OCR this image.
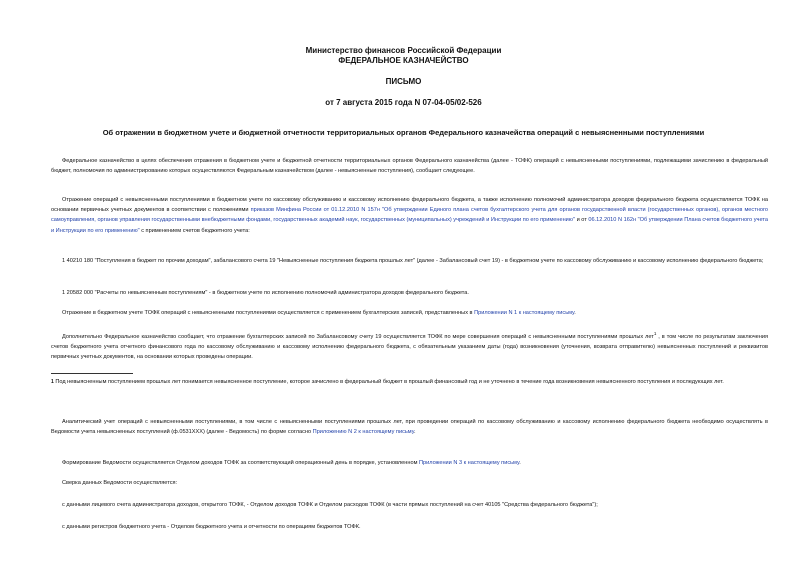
Министерство финансов Российской Федерации
ФЕДЕРАЛЬНОЕ КАЗНАЧЕЙСТВО
ПИСЬМО
от 7 августа 2015 года N 07-04-05/02-526
Об отражении в бюджетном учете и бюджетной отчетности территориальных органов Федерального казначейства операций с невыясненными поступлениями
Федеральное казначейство в целях обеспечения отражения в бюджетном учете и бюджетной отчетности территориальных органов Федерального казначейства (далее - ТОФК) операций с невыясненными поступлениями, подлежащими зачислению в федеральный бюджет, полномочия по администрированию которых осуществляются Федеральным казначейством (далее - невыясненные поступления), сообщает следующее.
Отражение операций с невыясненными поступлениями в бюджетном учете по кассовому обслуживанию и кассовому исполнению федерального бюджета, а также исполнению полномочий администратора доходов федерального бюджета осуществляется ТОФК на основании первичных учетных документов в соответствии с положениями приказов Минфина России от 01.12.2010 N 157н "Об утверждении Единого плана счетов бухгалтерского учета для органов государственной власти (государственных органов), органов местного самоуправления, органов управления государственными внебюджетными фондами, государственных академий наук, государственных (муниципальных) учреждений и Инструкции по его применению" и от 06.12.2010 N 162н "Об утверждении Плана счетов бюджетного учета и Инструкции по его применению" с применением счетов бюджетного учета:
1 40210 180 "Поступления в бюджет по прочим доходам", забалансового счета 19 "Невыясненные поступления бюджета прошлых лет" (далее - Забалансовый счет 19) - в бюджетном учете по кассовому обслуживанию и кассовому исполнению федерального бюджета;
1 20582 000 "Расчеты по невыясненным поступлениям" - в бюджетном учете по исполнению полномочий администратора доходов федерального бюджета.
Отражение в бюджетном учете ТОФК операций с невыясненными поступлениями осуществляется с применением бухгалтерских записей, представленных в Приложении N 1 к настоящему письму.
Дополнительно Федеральное казначейство сообщает, что отражение бухгалтерских записей по Забалансовому счету 19 осуществляется ТОФК по мере совершения операций с невыясненными поступлениями прошлых лет$^1$ , в том числе по результатам заключения счетов бюджетного учета отчетного финансового года по кассовому обслуживанию и кассовому исполнению федерального бюджета, с обязательным указанием даты (года) возникновения (уточнения, возврата отправителю) невыясненных поступлений и реквизитов первичных учетных документов, на основании которых проведены операции.
1 Под невыясненным поступлением прошлых лет понимается невыясненное поступление, которое зачислено в федеральный бюджет в прошлый финансовый год и не уточнено в течение года возникновения невыясненного поступления и последующих лет.
Аналитический учет операций с невыясненными поступлениями, в том числе с невыясненными поступлениями прошлых лет, при проведении операций по кассовому обслуживанию и кассовому исполнению федерального бюджета необходимо осуществлять в Ведомости учета невыясненных поступлений (ф.0531XXX) (далее - Ведомость) по форме согласно Приложению N 2 к настоящему письму.
Формирование Ведомости осуществляется Отделом доходов ТОФК за соответствующий операционный день в порядке, установленном Приложении N 3 к настоящему письму.
Сверка данных Ведомости осуществляется:
с данными лицевого счета администратора доходов, открытого ТОФК, - Отделом доходов ТОФК и Отделом расходов ТОФК (в части прямых поступлений на счет 40105 "Средства федерального бюджета");
с данными регистров бюджетного учета - Отделом бюджетного учета и отчетности по операциям бюджетов ТОФК.
